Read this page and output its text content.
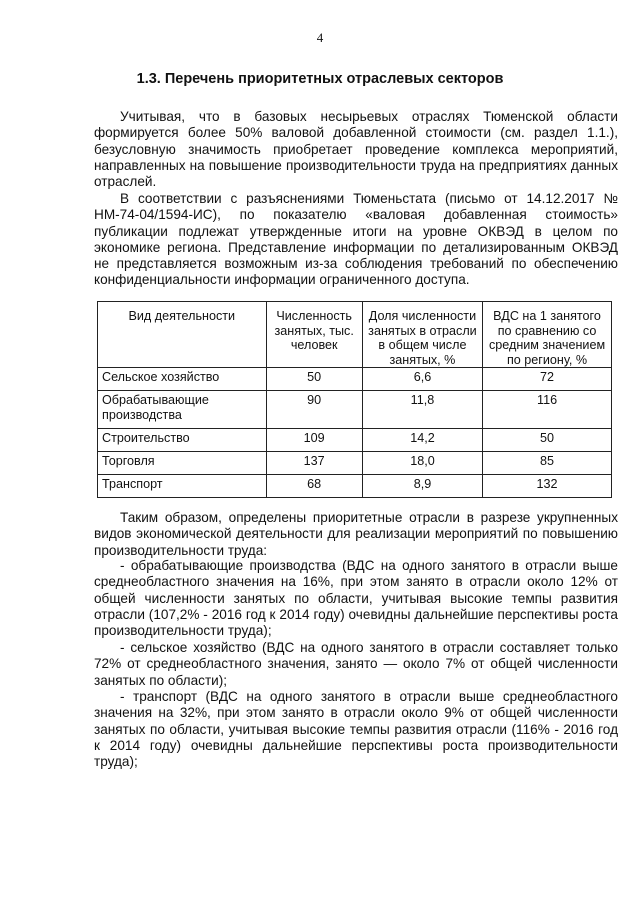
4
1.3. Перечень приоритетных отраслевых секторов

Учитывая, что в базовых несырьевых отраслях Тюменской области формируется более 50% валовой добавленной стоимости (см. раздел 1.1.), безусловную значимость приобретает проведение комплекса мероприятий, направленных на повышение производительности труда на предприятиях данных отраслей.

В соответствии с разъяснениями Тюменьстата (письмо от 14.12.2017 № НМ-74-04/1594-ИС), по показателю «валовая добавленная стоимость» публикации подлежат утвержденные итоги на уровне ОКВЭД в целом по экономике региона. Представление информации по детализированным ОКВЭД не представляется возможным из-за соблюдения требований по обеспечению конфиденциальности информации ограниченного доступа.

Вид деятельности	Численность занятых, тыс. человек	Доля численности занятых в отрасли в общем числе занятых, %	ВДС на 1 занятого по сравнению со средним значением по региону, %
Сельское хозяйство	50	6,6	72
Обрабатывающие производства	90	11,8	116
Строительство	109	14,2	50
Торговля	137	18,0	85
Транспорт	68	8,9	132

Таким образом, определены приоритетные отрасли в разрезе укрупненных видов экономической деятельности для реализации мероприятий по повышению производительности труда:

- обрабатывающие производства (ВДС на одного занятого в отрасли выше среднеобластного значения на 16%, при этом занято в отрасли около 12% от общей численности занятых по области, учитывая высокие темпы развития отрасли (107,2% - 2016 год к 2014 году) очевидны дальнейшие перспективы роста производительности труда);

- сельское хозяйство (ВДС на одного занятого в отрасли составляет только 72% от среднеобластного значения, занято — около 7% от общей численности занятых по области);

- транспорт (ВДС на одного занятого в отрасли выше среднеобластного значения на 32%, при этом занято в отрасли около 9% от общей численности занятых по области, учитывая высокие темпы развития отрасли (116% - 2016 год к 2014 году) очевидны дальнейшие перспективы роста производительности труда);
